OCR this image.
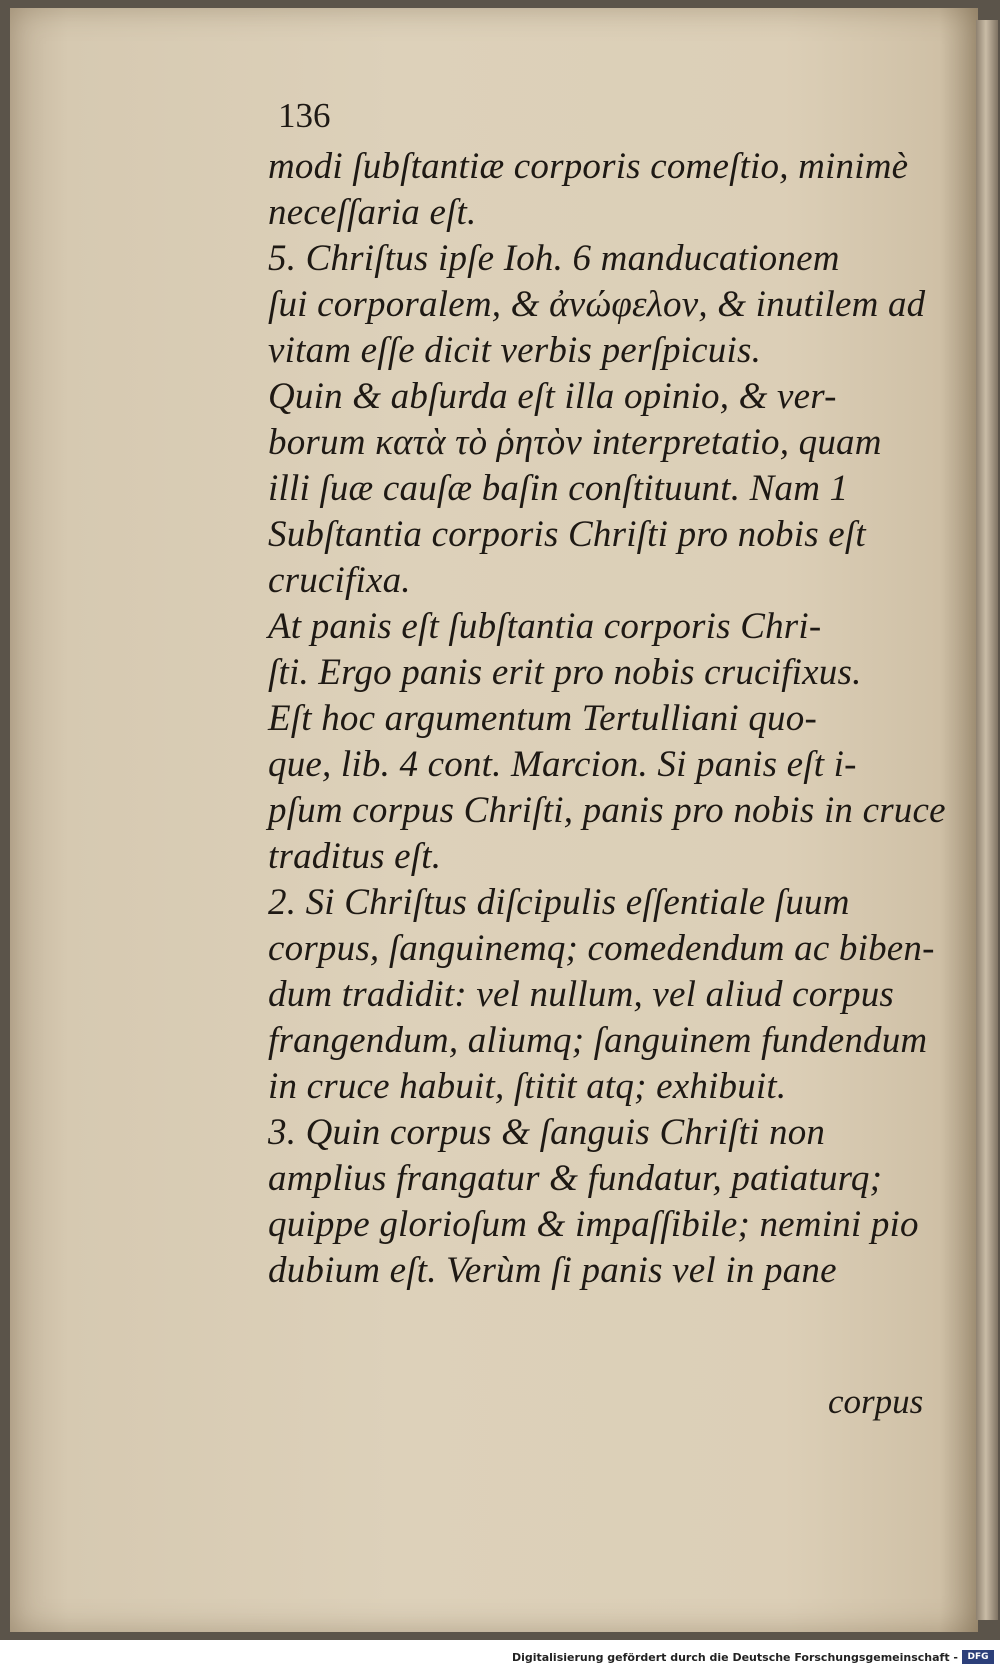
136
modi ſubſtantiæ corporis comeſtio, minimè
neceſſaria eſt.
5. Chriſtus ipſe Ioh. 6 manducationem
ſui corporalem, & ἀνώφελον, & inutilem ad
vitam eſſe dicit verbis perſpicuis.
Quin & abſurda eſt illa opinio, & ver-
borum κατὰ τὸ ῥητὸν interpretatio, quam
illi ſuæ cauſæ baſin conſtituunt. Nam 1
Subſtantia corporis Chriſti pro nobis eſt
crucifixa.
At panis eſt ſubſtantia corporis Chri-
ſti. Ergo panis erit pro nobis crucifixus.
Eſt hoc argumentum Tertulliani quo-
que, lib. 4 cont. Marcion. Si panis eſt i-
pſum corpus Chriſti, panis pro nobis in cruce
traditus eſt.
2. Si Chriſtus diſcipulis eſſentiale ſuum
corpus, ſanguinemq; comedendum ac biben-
dum tradidit: vel nullum, vel aliud corpus
frangendum, aliumq; ſanguinem fundendum
in cruce habuit, ſtitit atq; exhibuit.
3. Quin corpus & ſanguis Chriſti non
amplius frangatur & fundatur, patiaturq;
quippe glorioſum & impaſſibile; nemini pio
dubium eſt. Verùm ſi panis vel in pane
corpus
Digitalisierung gefördert durch die Deutsche Forschungsgemeinschaft -	DFG
